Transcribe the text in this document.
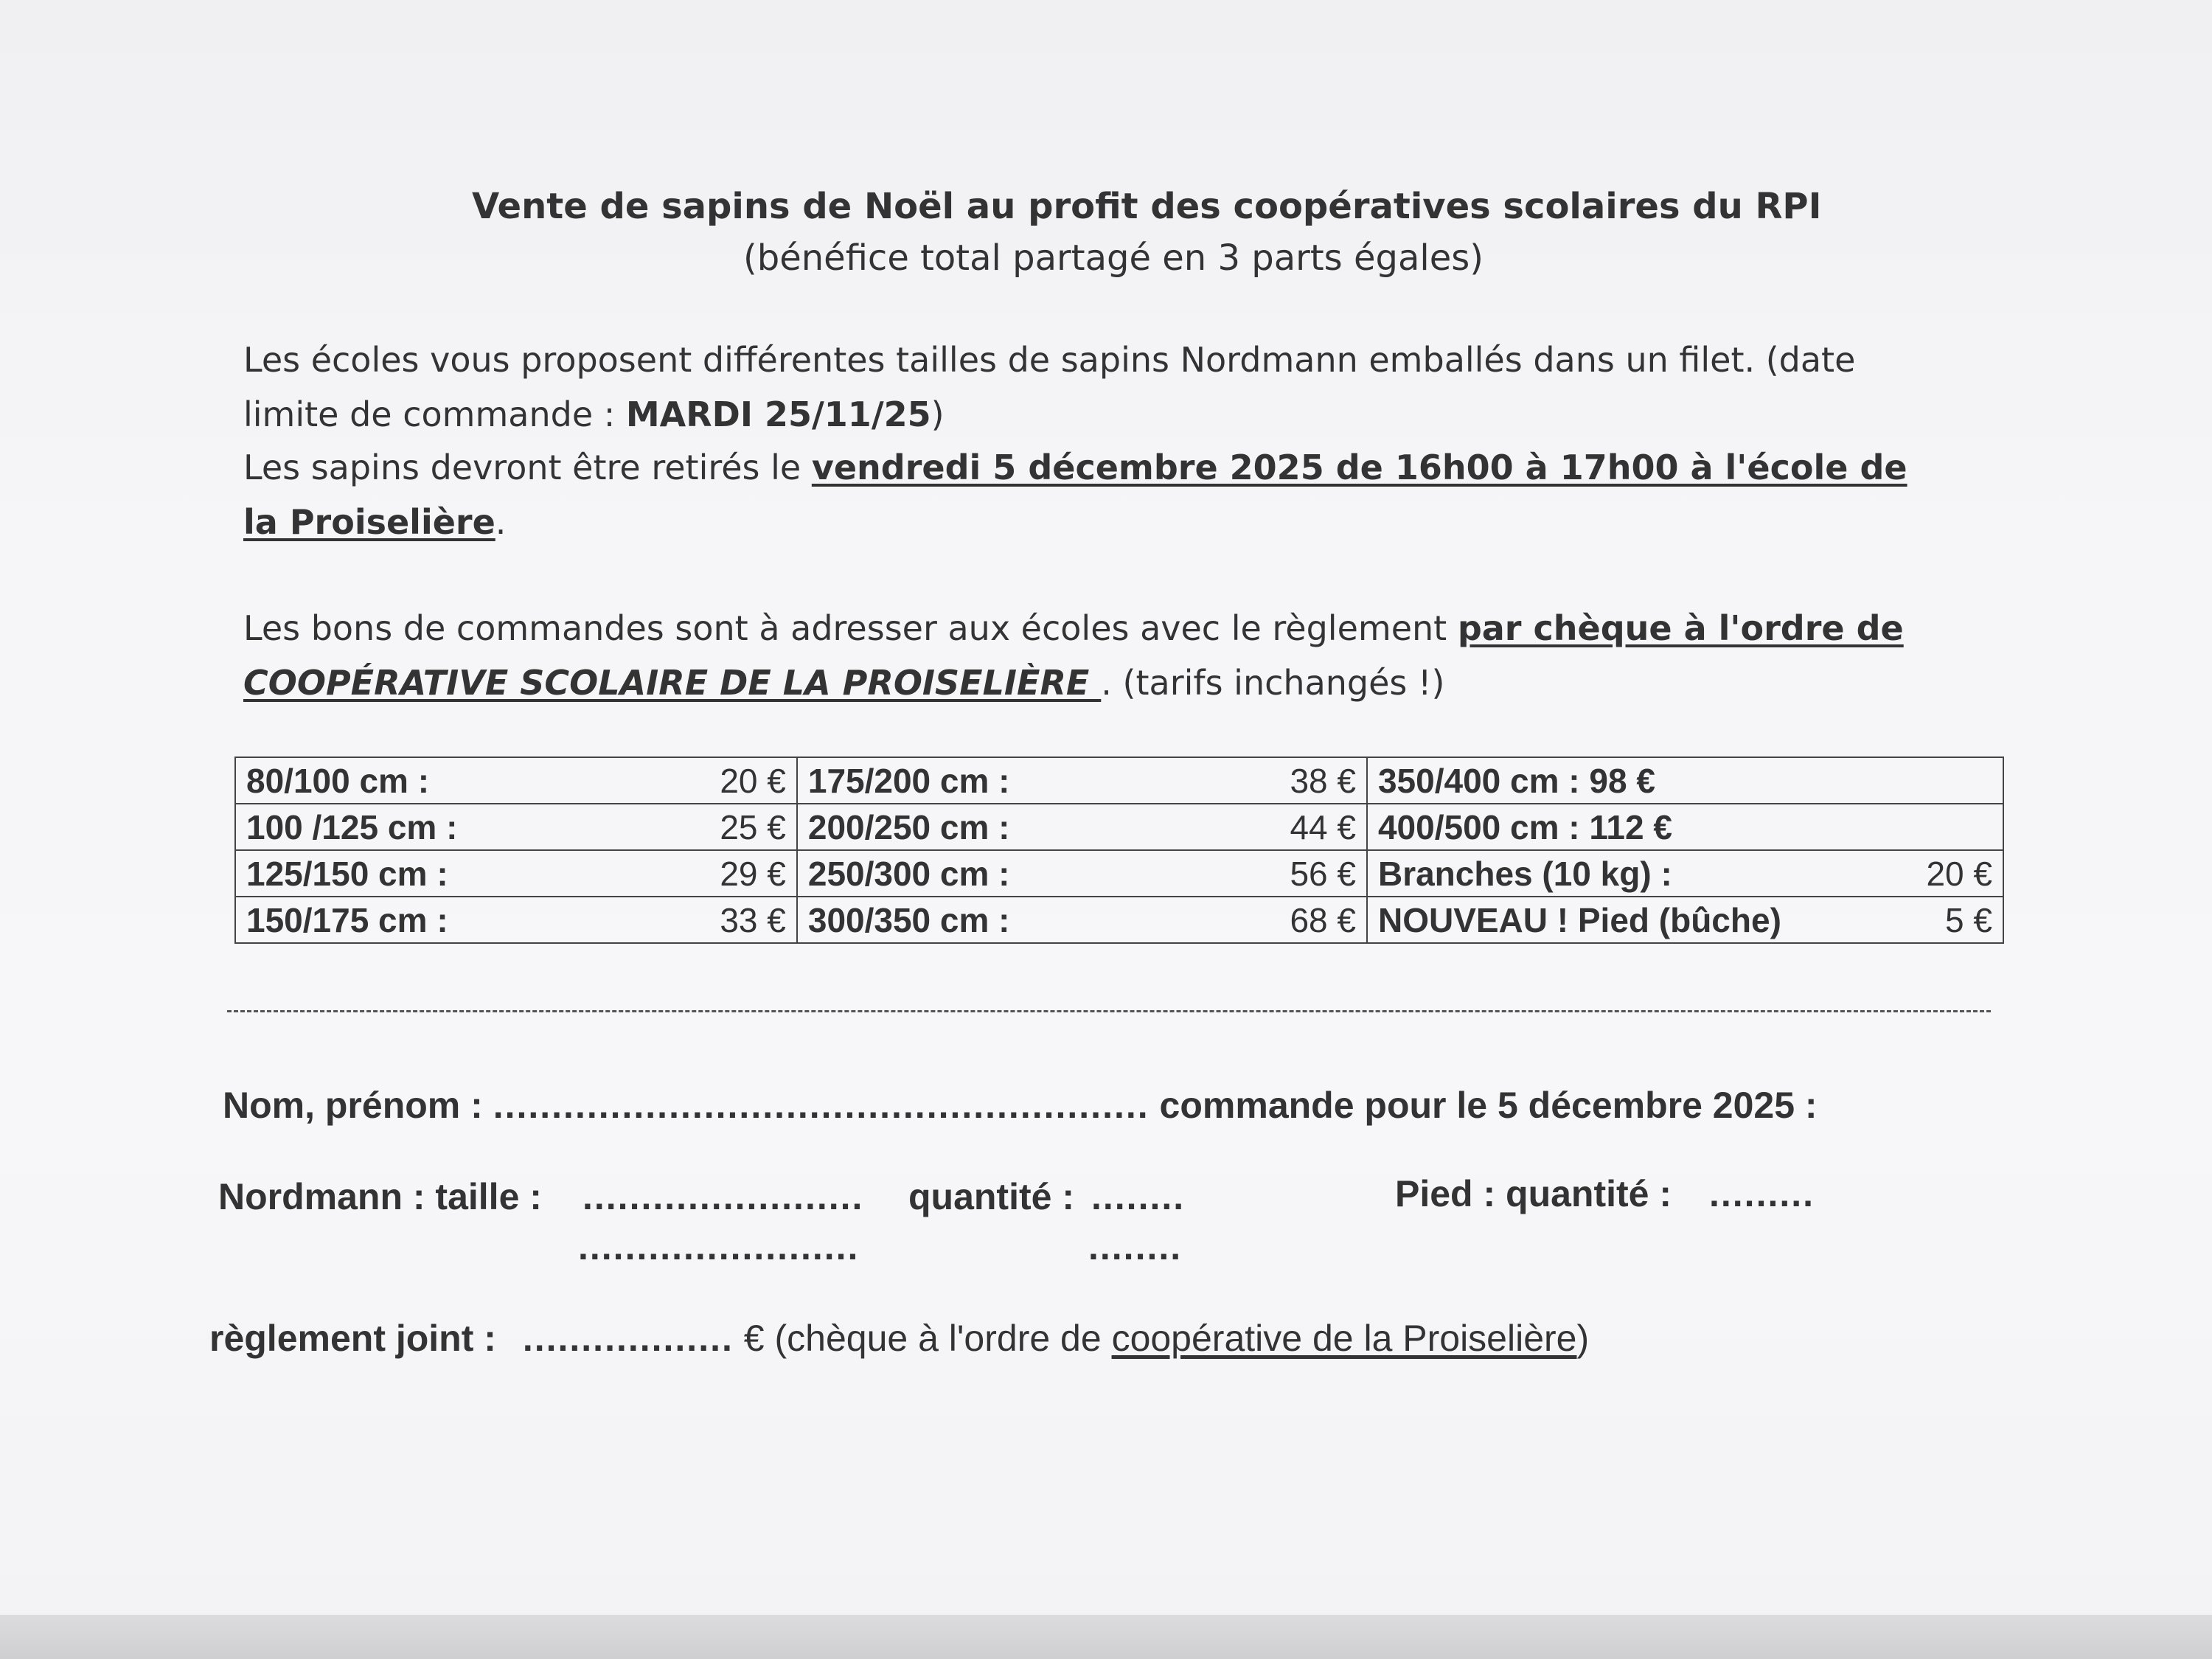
Vente de sapins de Noël au profit des coopératives scolaires du RPI
(bénéfice total partagé en 3 parts égales)
Les écoles vous proposent différentes tailles de sapins Nordmann emballés dans un filet. (date
limite de commande : MARDI 25/11/25)
Les sapins devront être retirés le vendredi 5 décembre 2025 de 16h00 à 17h00 à l'école de
la Proiselière.
Les bons de commandes sont à adresser aux écoles avec le règlement par chèque à l'ordre de
COOPÉRATIVE SCOLAIRE DE LA PROISELIÈRE . (tarifs inchangés !)
80/100 cm :	20 €	175/200 cm :	38 €	350/400 cm : 98 €	
100 /125 cm :	25 €	200/250 cm :	44 €	400/500 cm : 112 €	
125/150 cm :	29 €	250/300 cm :	56 €	Branches (10 kg) :	20 €
150/175 cm :	33 €	300/350 cm :	68 €	NOUVEAU ! Pied (bûche)	5 €
Nom, prénom : ........................................................ commande pour le 5 décembre 2025 :
Nordmann : taille : ........................ quantité : ........	Pied : quantité : .........
........................	........
règlement joint : .................. € (chèque à l'ordre de coopérative de la Proiselière)
